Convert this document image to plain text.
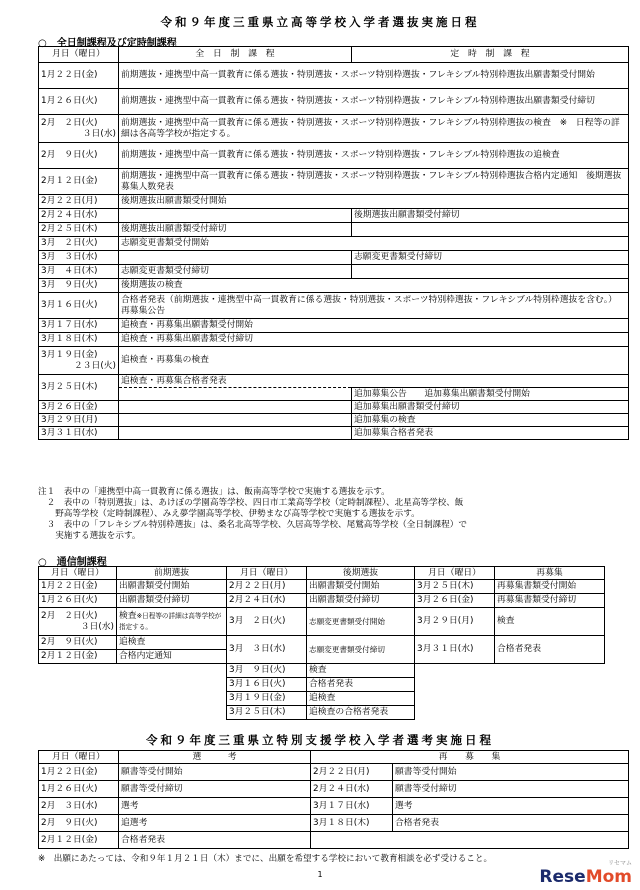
令和９年度三重県立高等学校入学者選抜実施日程
○　全日制課程及び定時制課程
月日（曜日）	全　日　制　課　程	定　時　制　課　程
1月２２日(金)	前期選抜・連携型中高一貫教育に係る選抜・特別選抜・スポーツ特別枠選抜・フレキシブル特別枠選抜出願書類受付開始	
1月２６日(火)	前期選抜・連携型中高一貫教育に係る選抜・特別選抜・スポーツ特別枠選抜・フレキシブル特別枠選抜出願書類受付締切	
2月　２日(火)
３日(水)	前期選抜・連携型中高一貫教育に係る選抜・特別選抜・スポーツ特別枠選抜・フレキシブル特別枠選抜の検査　※　日程等の詳細は各高等学校が指定する。	
2月　９日(火)	前期選抜・連携型中高一貫教育に係る選抜・特別選抜・スポーツ特別枠選抜・フレキシブル特別枠選抜の追検査	
2月１２日(金)	前期選抜・連携型中高一貫教育に係る選抜・特別選抜・スポーツ特別枠選抜・フレキシブル特別枠選抜合格内定通知　後期選抜募集人数発表	
2月２２日(月)	後期選抜出願書類受付開始	
2月２４日(水)		後期選抜出願書類受付締切
2月２５日(木)	後期選抜出願書類受付締切	
3月　２日(火)	志願変更書類受付開始	
3月　３日(水)		志願変更書類受付締切
3月　４日(木)	志願変更書類受付締切	
3月　９日(火)	後期選抜の検査	
3月１６日(火)	合格者発表（前期選抜・連携型中高一貫教育に係る選抜・特別選抜・スポーツ特別枠選抜・フレキシブル特別枠選抜を含む。）　再募集公告	
3月１７日(水)	追検査・再募集出願書類受付開始	
3月１８日(木)	追検査・再募集出願書類受付締切	
3月１９日(金)
２３日(火)	追検査・再募集の検査	
3月２５日(木)	追検査・再募集合格者発表	
		追加募集公告　　追加募集出願書類受付開始
3月２６日(金)		追加募集出願書類受付締切
3月２９日(月)		追加募集の検査
3月３１日(水)		追加募集合格者発表
注１　表中の「連携型中高一貫教育に係る選抜」は、飯南高等学校で実施する選抜を示す。
　２　表中の「特別選抜」は、あけぼの学園高等学校、四日市工業高等学校（定時制課程）、北星高等学校、飯
　　野高等学校（定時制課程）、みえ夢学園高等学校、伊勢まなび高等学校で実施する選抜を示す。
　３　表中の「フレキシブル特別枠選抜」は、桑名北高等学校、久居高等学校、尾鷲高等学校（全日制課程）で
　　実施する選抜を示す。
○　通信制課程
月日（曜日）	前期選抜
1月２２日(金)	出願書類受付開始
1月２６日(火)	出願書類受付締切
2月　２日(火)
３日(水)	検査※日程等の詳細は高等学校が指定する。
2月　９日(火)	追検査
2月１２日(金)	合格内定通知
月日（曜日）	後期選抜
2月２２日(月)	出願書類受付開始
2月２４日(水)	出願書類受付締切
3月　２日(火)	志願変更書類受付開始
3月　３日(水)	志願変更書類受付締切
3月　９日(火)	検査
3月１６日(火)	合格者発表
3月１９日(金)	追検査
3月２５日(木)	追検査の合格者発表
月日（曜日）	再募集
3月２５日(木)	再募集書類受付開始
3月２６日(金)	再募集書類受付締切
3月２９日(月)	検査
3月３１日(水)	合格者発表
令和９年度三重県立特別支援学校入学者選考実施日程
月日（曜日）	選　　　考	再　　募　　集	
1月２２日(金)	願書等受付開始	2月２２日(月)	願書等受付開始
1月２６日(火)	願書等受付締切	2月２４日(水)	願書等受付締切
2月　３日(水)	選考	3月１７日(水)	選考
2月　９日(火)	追選考	3月１８日(木)	合格者発表
2月１２日(金)	合格者発表		
※　出願にあたっては、令和９年１月２１日（木）までに、出願を希望する学校において教育相談を必ず受けること。
1
リセマム
ReseMom
